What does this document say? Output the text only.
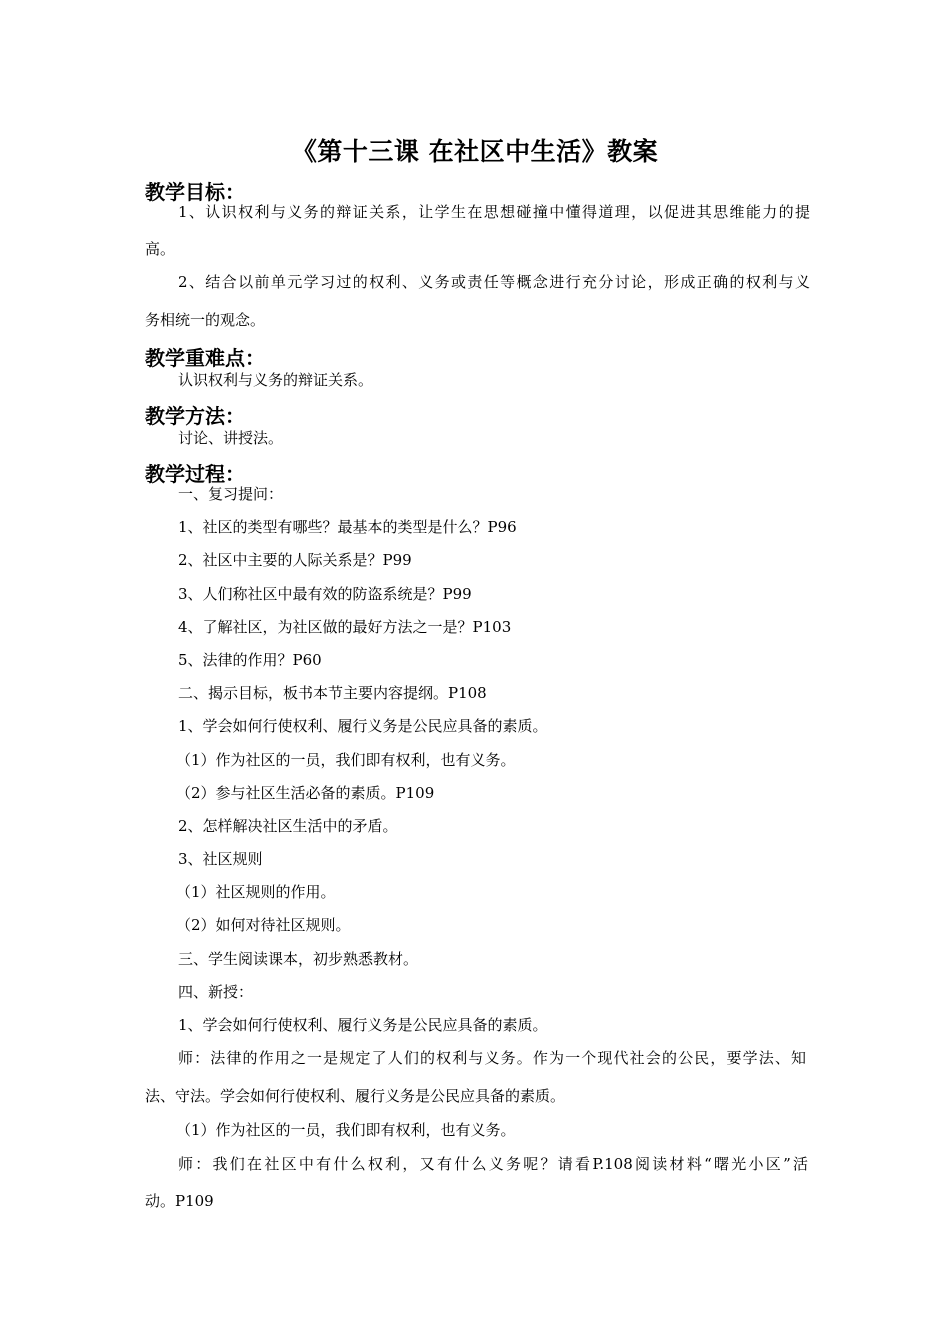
《第十三课 在社区中生活》教案
教学目标：
1、认识权利与义务的辩证关系，让学生在思想碰撞中懂得道理，以促进其思维能力的提
高。
2、结合以前单元学习过的权利、义务或责任等概念进行充分讨论，形成正确的权利与义
务相统一的观念。
教学重难点：
认识权利与义务的辩证关系。
教学方法：
讨论、讲授法。
教学过程：
一、复习提问：
1、社区的类型有哪些？最基本的类型是什么？P96
2、社区中主要的人际关系是？P99
3、人们称社区中最有效的防盗系统是？P99
4、了解社区，为社区做的最好方法之一是？P103
5、法律的作用？P60
二、揭示目标，板书本节主要内容提纲。P108
1、学会如何行使权利、履行义务是公民应具备的素质。
（1）作为社区的一员，我们即有权利，也有义务。
（2）参与社区生活必备的素质。P109
2、怎样解决社区生活中的矛盾。
3、社区规则
（1）社区规则的作用。
（2）如何对待社区规则。
三、学生阅读课本，初步熟悉教材。
四、新授：
1、学会如何行使权利、履行义务是公民应具备的素质。
师：法律的作用之一是规定了人们的权利与义务。作为一个现代社会的公民，要学法、知
法、守法。学会如何行使权利、履行义务是公民应具备的素质。
（1）作为社区的一员，我们即有权利，也有义务。
师：我们在社区中有什么权利，又有什么义务呢？请看P.108阅读材料“曙光小区”活
动。P109
